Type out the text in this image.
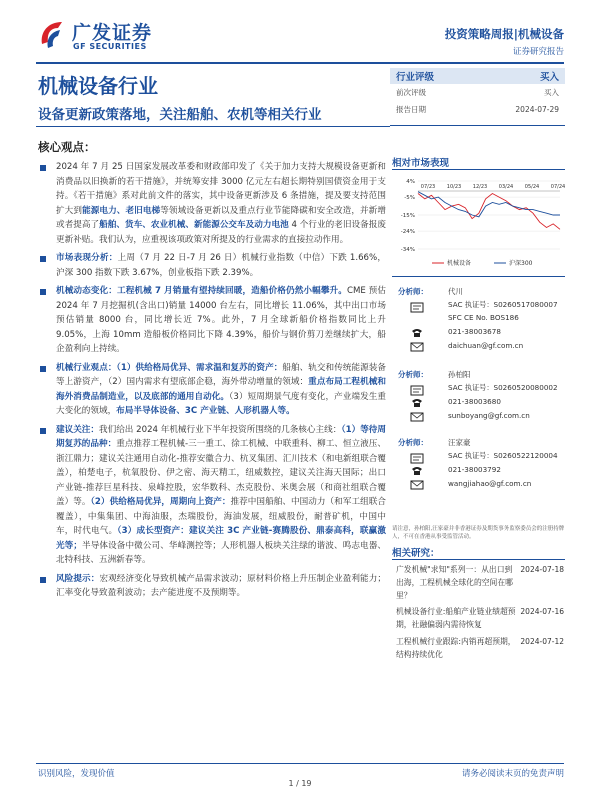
广发证券
GF SECURITIES
投资策略周报|机械设备
证券研究报告
机械设备行业
设备更新政策落地，关注船舶、农机等相关行业
行业评级	买入
前次评级	买入
报告日期	2024-07-29
核心观点：
2024 年 7 月 25 日国家发展改革委和财政部印发了《关于加力支持大规模设备更新和消费品以旧换新的若干措施》，并统筹安排 3000 亿元左右超长期特别国债资金用于支持。《若干措施》系对此前文件的落实，其中设备更新涉及 6 条措施，提及要支持范围扩大到能源电力、老旧电梯等领域设备更新以及重点行业节能降碳和安全改造，并新增或者提高了船舶、货车、农业机械、新能源公交车及动力电池 4 个行业的老旧设备报废更新补贴。我们认为，应重视该项政策对所提及的行业需求的直接拉动作用。
市场表现分析：上周（7 月 22 日-7 月 26 日）机械行业指数（中信）下跌 1.66%，沪深 300 指数下跌 3.67%，创业板指下跌 2.39%。
机械动态变化：工程机械 7 月销量有望持续回暖，造船价格仍然小幅攀升。CME 预估 2024 年 7 月挖掘机(含出口)销量 14000 台左右，同比增长 11.06%，其中出口市场预估销量 8000 台，同比增长近 7%。此外，7 月全球新船价格指数同比上升 9.05%，上海 10mm 造船板价格同比下降 4.39%，船价与钢价剪刀差继续扩大，船企盈利向上持续。
机械行业观点：（1）供给格局优异、需求温和复苏的资产：船舶、轨交和传统能源装备等上游资产，（2）国内需求有望底部企稳，海外带动增量的领域：重点布局工程机械和海外消费品制造业，以及底部的通用自动化。（3）短周期景气度有变化，产业端发生重大变化的领域，布局半导体设备、3C 产业链、人形机器人等。
建议关注：我们给出 2024 年机械行业下半年投资所围绕的几条核心主线：（1）等待周期复苏的品种：重点推荐工程机械-三一重工、徐工机械、中联重科、柳工、恒立液压、浙江鼎力；建议关注通用自动化-推荐安徽合力、杭叉集团、汇川技术（和电新组联合覆盖），柏楚电子，杭氧股份、伊之密、海天精工，纽威数控，建议关注海天国际；出口产业链-推荐巨星科技、泉峰控股，宏华数科、杰克股份、米奥会展（和商社组联合覆盖）等。（2）供给格局优异，周期向上资产：推荐中国船舶、中国动力（和军工组联合覆盖），中集集团、中海油服，杰瑞股份，海油发展，纽威股份，耐普矿机，中国中车，时代电气。（3）成长型资产：建议关注 3C 产业链-赛腾股份、鼎泰高科，联赢激光等；半导体设备中微公司、华峰测控等；人形机器人板块关注绿的谐波、鸣志电器、北特科技、五洲新春等。
风险提示：宏观经济变化导致机械产品需求波动；原材料价格上升压制企业盈利能力；汇率变化导致盈利波动；去产能进度不及预期等。
相对市场表现
4%
-5%
-15%
-24%
-34%
07/23 10/23 12/23 03/24 05/24 07/24
机械设备	沪深300
分析师：	代川
SAC 执证号：S0260517080007
SFC CE No. BOS186
021-38003678
daichuan@gf.com.cn
分析师：	孙柏阳
SAC 执证号：S0260520080002
021-38003680
sunboyang@gf.com.cn
分析师：	汪家豪
SAC 执证号：S0260522120004
021-38003792
wangjiahao@gf.com.cn
请注意，孙柏阳,汪家豪并非香港证券及期货事务监察委员会的注册持牌人，不可在香港从事受监管活动。
相关研究：
广发机械"求知"系列一：从出口到出海，工程机械全球化的空间在哪里？
2024-07-18
机械设备行业:船舶产业链业绩超预期，社融偏弱内需待恢复
2024-07-16
工程机械行业跟踪:内销再超预期，结构持续优化
2024-07-12
识别风险，发现价值	请务必阅读末页的免责声明
1 / 19
